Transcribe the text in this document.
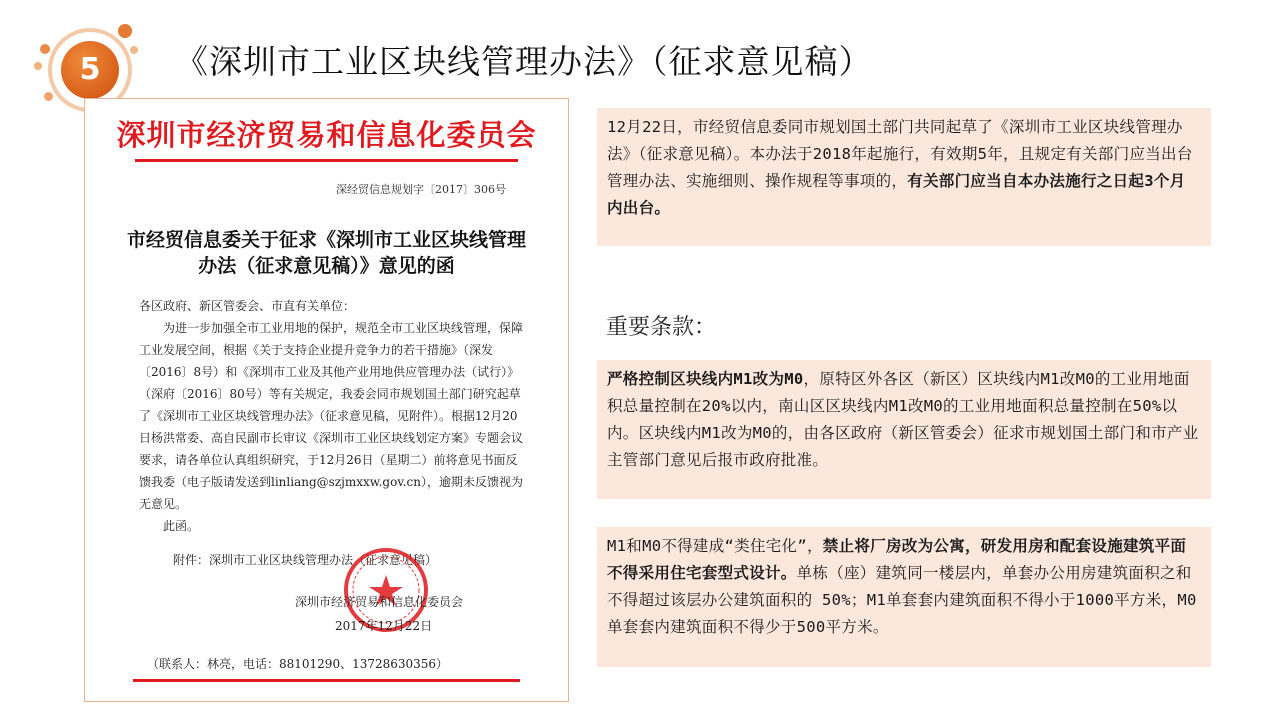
5	《深圳市工业区块线管理办法》（征求意见稿）
深圳市经济贸易和信息化委员会
深经贸信息规划字〔2017〕306号
市经贸信息委关于征求《深圳市工业区块线管理
办法（征求意见稿）》意见的函

各区政府、新区管委会、市直有关单位：

为进一步加强全市工业用地的保护，规范全市工业区块线管理，保障工业发展空间，根据《关于支持企业提升竞争力的若干措施》（深发〔2016〕8号）和《深圳市工业及其他产业用地供应管理办法（试行）》（深府〔2016〕80号）等有关规定，我委会同市规划国土部门研究起草了《深圳市工业区块线管理办法》（征求意见稿，见附件）。根据12月20日杨洪常委、高自民副市长审议《深圳市工业区块线划定方案》专题会议要求，请各单位认真组织研究，于12月26日（星期二）前将意见书面反馈我委（电子版请发送到linliang@szjmxxw.gov.cn），逾期未反馈视为无意见。

此函。

附件：深圳市工业区块线管理办法（征求意见稿）
深圳市经济贸易和信息化委员会
2017年12月22日
（联系人：林亮，电话：88101290、13728630356）
12月22日，市经贸信息委同市规划国土部门共同起草了《深圳市工业区块线管理办法》（征求意见稿）。本办法于2018年起施行，有效期5年，且规定有关部门应当出台管理办法、实施细则、操作规程等事项的，有关部门应当自本办法施行之日起3个月内出台。
重要条款：
严格控制区块线内M1改为M0，原特区外各区（新区）区块线内M1改M0的工业用地面积总量控制在20%以内，南山区区块线内M1改M0的工业用地面积总量控制在50%以内。区块线内M1改为M0的，由各区政府（新区管委会）征求市规划国土部门和市产业主管部门意见后报市政府批准。
M1和M0不得建成“类住宅化”，禁止将厂房改为公寓，研发用房和配套设施建筑平面不得采用住宅套型式设计。单栋（座）建筑同一楼层内，单套办公用房建筑面积之和不得超过该层办公建筑面积的 50%；M1单套套内建筑面积不得小于1000平方米，M0单套套内建筑面积不得少于500平方米。
